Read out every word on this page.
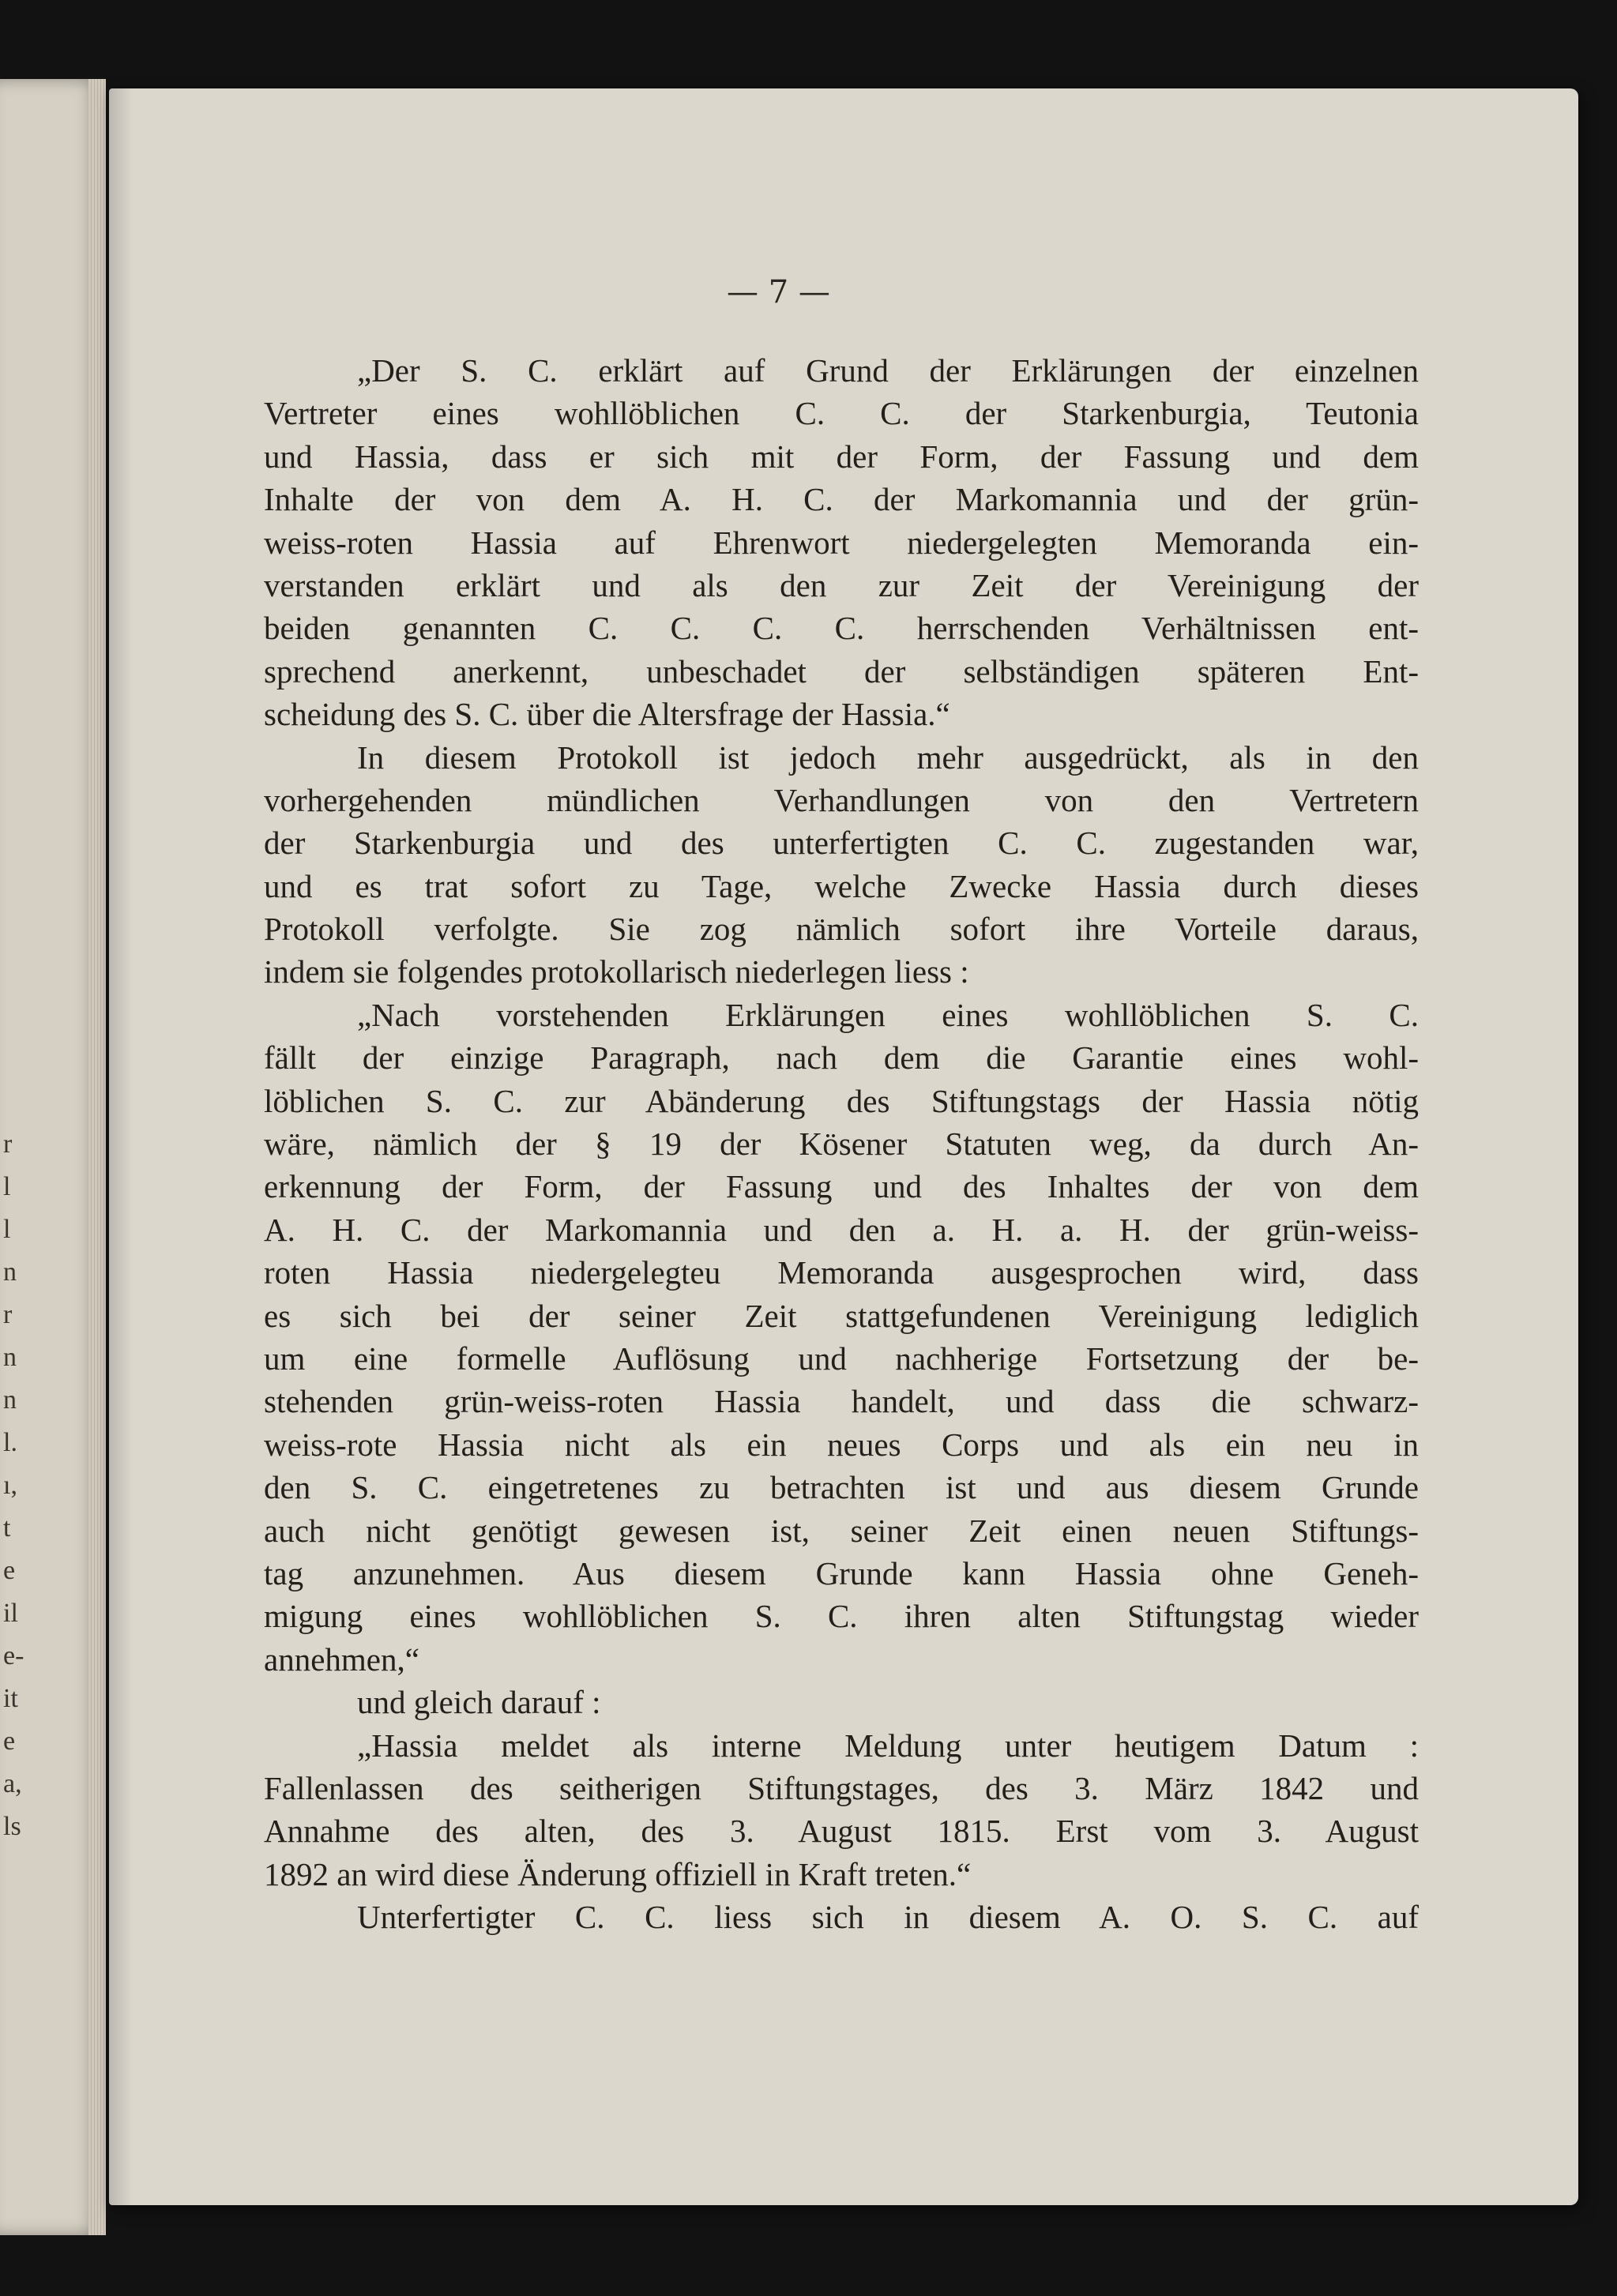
r
l
l
n
r
n
n
l.
ı,
t
e
il
e-
it
e
a,
ls
— 7 —
„Der S. C. erklärt auf Grund der Erklärungen der einzelnen
Vertreter eines wohllöblichen C. C. der Starkenburgia, Teutonia
und Hassia, dass er sich mit der Form, der Fassung und dem
Inhalte der von dem A. H. C. der Markomannia und der grün-
weiss-roten Hassia auf Ehrenwort niedergelegten Memoranda ein-
verstanden erklärt und als den zur Zeit der Vereinigung der
beiden genannten C. C. C. C. herrschenden Verhältnissen ent-
sprechend anerkennt, unbeschadet der selbständigen späteren Ent-
scheidung des S. C. über die Altersfrage der Hassia.“
In diesem Protokoll ist jedoch mehr ausgedrückt, als in den
vorhergehenden mündlichen Verhandlungen von den Vertretern
der Starkenburgia und des unterfertigten C. C. zugestanden war,
und es trat sofort zu Tage, welche Zwecke Hassia durch dieses
Protokoll verfolgte. Sie zog nämlich sofort ihre Vorteile daraus,
indem sie folgendes protokollarisch niederlegen liess :
„Nach vorstehenden Erklärungen eines wohllöblichen S. C.
fällt der einzige Paragraph, nach dem die Garantie eines wohl-
löblichen S. C. zur Abänderung des Stiftungstags der Hassia nötig
wäre, nämlich der § 19 der Kösener Statuten weg, da durch An-
erkennung der Form, der Fassung und des Inhaltes der von dem
A. H. C. der Markomannia und den a. H. a. H. der grün-weiss-
roten Hassia niedergelegteu Memoranda ausgesprochen wird, dass
es sich bei der seiner Zeit stattgefundenen Vereinigung lediglich
um eine formelle Auflösung und nachherige Fortsetzung der be-
stehenden grün-weiss-roten Hassia handelt, und dass die schwarz-
weiss-rote Hassia nicht als ein neues Corps und als ein neu in
den S. C. eingetretenes zu betrachten ist und aus diesem Grunde
auch nicht genötigt gewesen ist, seiner Zeit einen neuen Stiftungs-
tag anzunehmen. Aus diesem Grunde kann Hassia ohne Geneh-
migung eines wohllöblichen S. C. ihren alten Stiftungstag wieder
annehmen,“
und gleich darauf :
„Hassia meldet als interne Meldung unter heutigem Datum :
Fallenlassen des seitherigen Stiftungstages, des 3. März 1842 und
Annahme des alten, des 3. August 1815. Erst vom 3. August
1892 an wird diese Änderung offiziell in Kraft treten.“
Unterfertigter C. C. liess sich in diesem A. O. S. C. auf
